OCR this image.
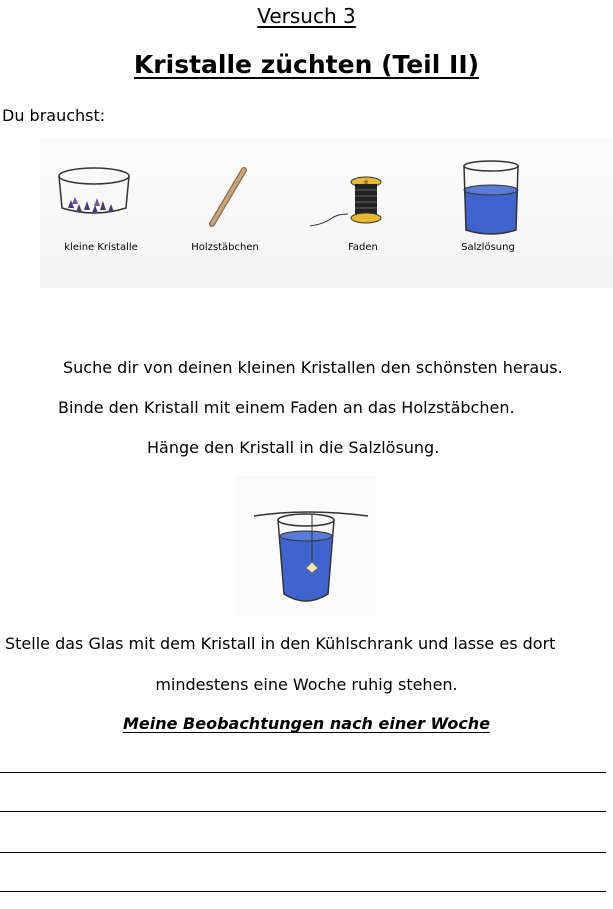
Versuch 3
Kristalle züchten (Teil II)
Du brauchst:
kleine Kristalle	Holzstäbchen	Faden	Salzlösung
Suche dir von deinen kleinen Kristallen den schönsten heraus.
Binde den Kristall mit einem Faden an das Holzstäbchen.
Hänge den Kristall in die Salzlösung.
Stelle das Glas mit dem Kristall in den Kühlschrank und lasse es dort
mindestens eine Woche ruhig stehen.
Meine Beobachtungen nach einer Woche
